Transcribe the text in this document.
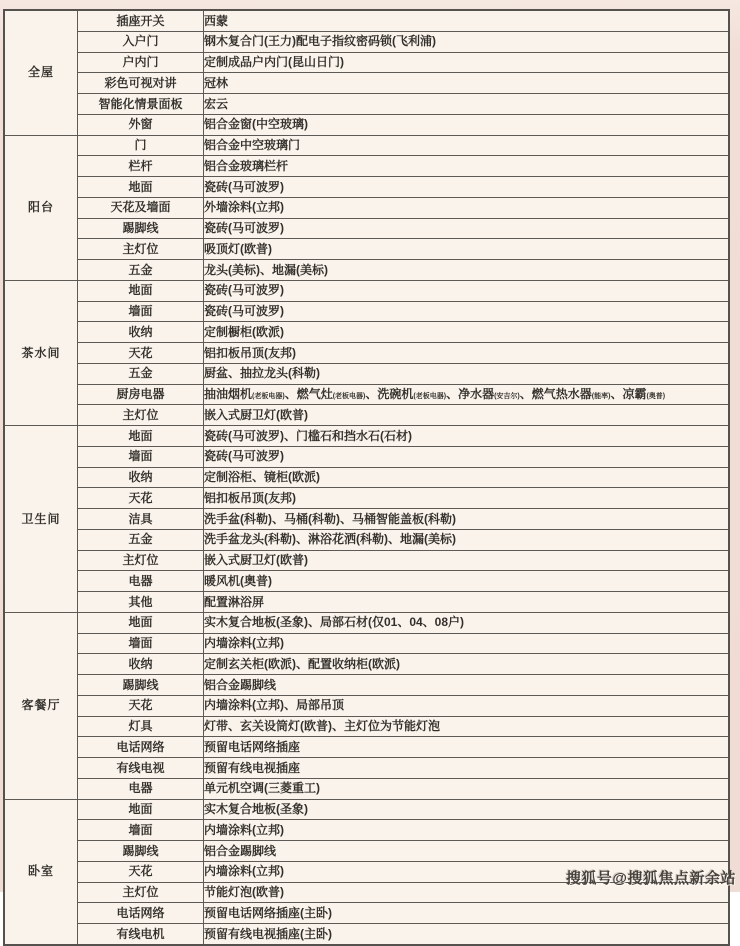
全屋	插座开关	西蒙
	入户门	钢木复合门(王力)配电子指纹密码锁(飞利浦)
	户内门	定制成品户内门(昆山日门)
	彩色可视对讲	冠林
	智能化情景面板	宏云
	外窗	铝合金窗(中空玻璃)
阳台	门	铝合金中空玻璃门
	栏杆	铝合金玻璃栏杆
	地面	瓷砖(马可波罗)
	天花及墙面	外墙涂料(立邦)
	踢脚线	瓷砖(马可波罗)
	主灯位	吸顶灯(欧普)
	五金	龙头(美标)、地漏(美标)
茶水间	地面	瓷砖(马可波罗)
	墙面	瓷砖(马可波罗)
	收纳	定制橱柜(欧派)
	天花	铝扣板吊顶(友邦)
	五金	厨盆、抽拉龙头(科勒)
	厨房电器	抽油烟机(老板电器)、燃气灶(老板电器)、洗碗机(老板电器)、净水器(安吉尔)、燃气热水器(能率)、凉霸(奥普)
	主灯位	嵌入式厨卫灯(欧普)
卫生间	地面	瓷砖(马可波罗)、门槛石和挡水石(石材)
	墙面	瓷砖(马可波罗)
	收纳	定制浴柜、镜柜(欧派)
	天花	铝扣板吊顶(友邦)
	洁具	洗手盆(科勒)、马桶(科勒)、马桶智能盖板(科勒)
	五金	洗手盆龙头(科勒)、淋浴花洒(科勒)、地漏(美标)
	主灯位	嵌入式厨卫灯(欧普)
	电器	暖风机(奥普)
	其他	配置淋浴屏
客餐厅	地面	实木复合地板(圣象)、局部石材(仅01、04、08户)
	墙面	内墙涂料(立邦)
	收纳	定制玄关柜(欧派)、配置收纳柜(欧派)
	踢脚线	铝合金踢脚线
	天花	内墙涂料(立邦)、局部吊顶
	灯具	灯带、玄关设筒灯(欧普)、主灯位为节能灯泡
	电话网络	预留电话网络插座
	有线电视	预留有线电视插座
	电器	单元机空调(三菱重工)
卧室	地面	实木复合地板(圣象)
	墙面	内墙涂料(立邦)
	踢脚线	铝合金踢脚线
	天花	内墙涂料(立邦)
	主灯位	节能灯泡(欧普)
	电话网络	预留电话网络插座(主卧)
	有线电机	预留有线电视插座(主卧)
搜狐号@搜狐焦点新余站
